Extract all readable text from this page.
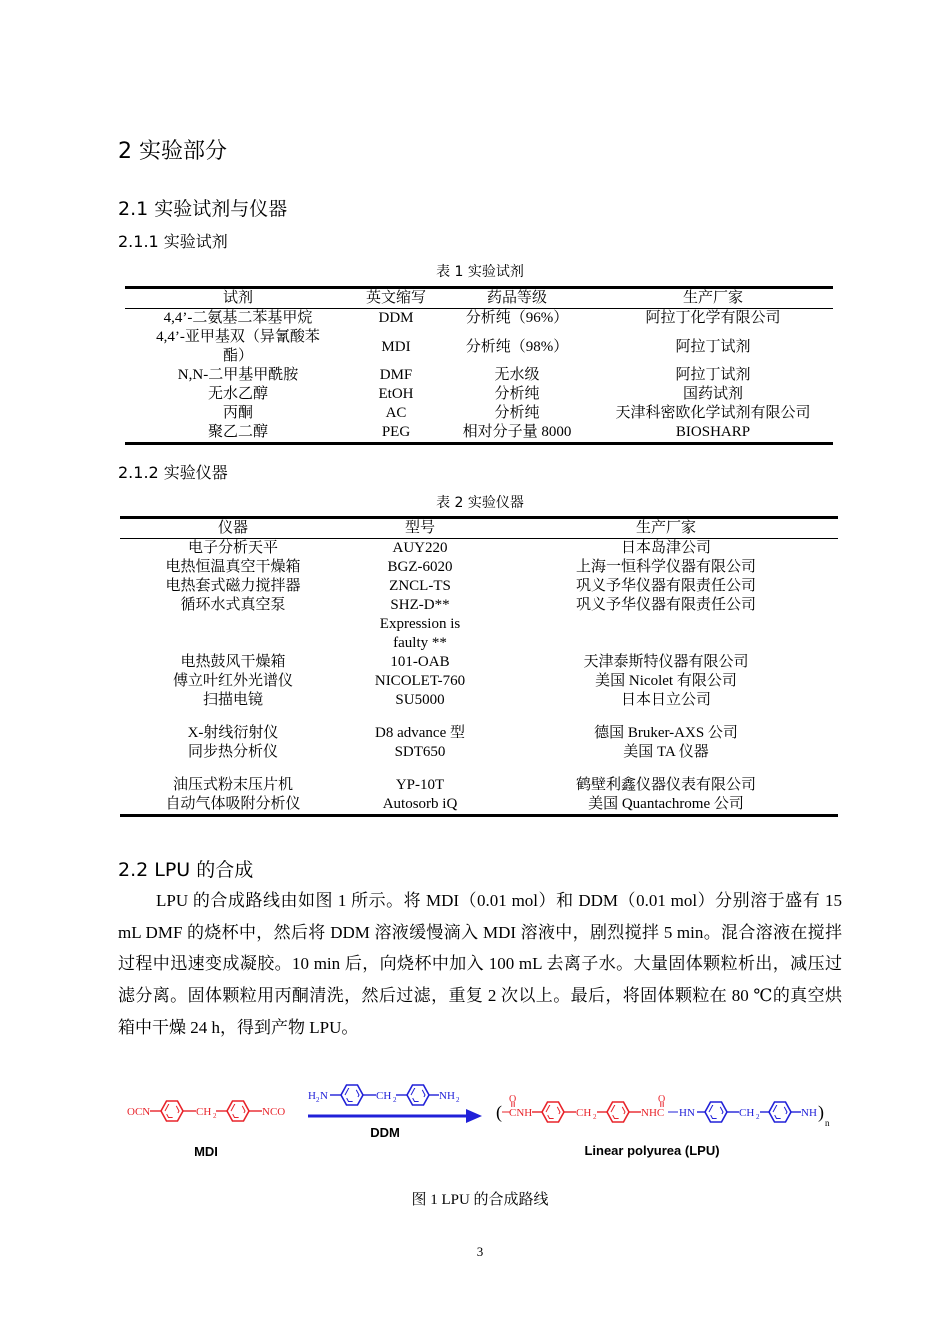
2 实验部分
2.1 实验试剂与仪器
2.1.1 实验试剂
表 1 实验试剂
试剂	英文缩写	药品等级	生产厂家
4,4’-二氨基二苯基甲烷	DDM	分析纯（96%）	阿拉丁化学有限公司
4,4’-亚甲基双（异氰酸苯酯）	MDI	分析纯（98%）	阿拉丁试剂
N,N-二甲基甲酰胺	DMF	无水级	阿拉丁试剂
无水乙醇	EtOH	分析纯	国药试剂
丙酮	AC	分析纯	天津科密欧化学试剂有限公司
聚乙二醇	PEG	相对分子量 8000	BIOSHARP
2.1.2 实验仪器
表 2 实验仪器
仪器	型号	生产厂家
电子分析天平	AUY220	日本岛津公司
电热恒温真空干燥箱	BGZ-6020	上海一恒科学仪器有限公司
电热套式磁力搅拌器	ZNCL-TS	巩义予华仪器有限责任公司
循环水式真空泵	SHZ-D**	巩义予华仪器有限责任公司
	Expression is faulty **	
电热鼓风干燥箱	101-OAB	天津泰斯特仪器有限公司
傅立叶红外光谱仪	NICOLET-760	美国 Nicolet 有限公司
扫描电镜	SU5000	日本日立公司

X-射线衍射仪	D8 advance 型	德国 Bruker-AXS 公司
同步热分析仪	SDT650	美国 TA 仪器

油压式粉末压片机	YP-10T	鹤壁利鑫仪器仪表有限公司
自动气体吸附分析仪	Autosorb iQ	美国 Quantachrome 公司
2.2 LPU 的合成
LPU 的合成路线由如图 1 所示。将 MDI（0.01 mol）和 DDM（0.01 mol）分别溶于盛有 15 mL DMF 的烧杯中，然后将 DDM 溶液缓慢滴入 MDI 溶液中，剧烈搅拌 5 min。混合溶液在搅拌过程中迅速变成凝胶。10 min 后，向烧杯中加入 100 mL 去离子水。大量固体颗粒析出，减压过滤分离。固体颗粒用丙酮清洗，然后过滤，重复 2 次以上。最后，将固体颗粒在 80 ℃的真空烘箱中干燥 24 h，得到产物 LPU。
OCN	CH 2	NCO
MDI
H 2 N	CH 2	NH 2
DDM
(
O
CNH	CH 2	NHC
O
HN	CH 2	NH )
n
Linear polyurea (LPU)
图 1 LPU 的合成路线
3
